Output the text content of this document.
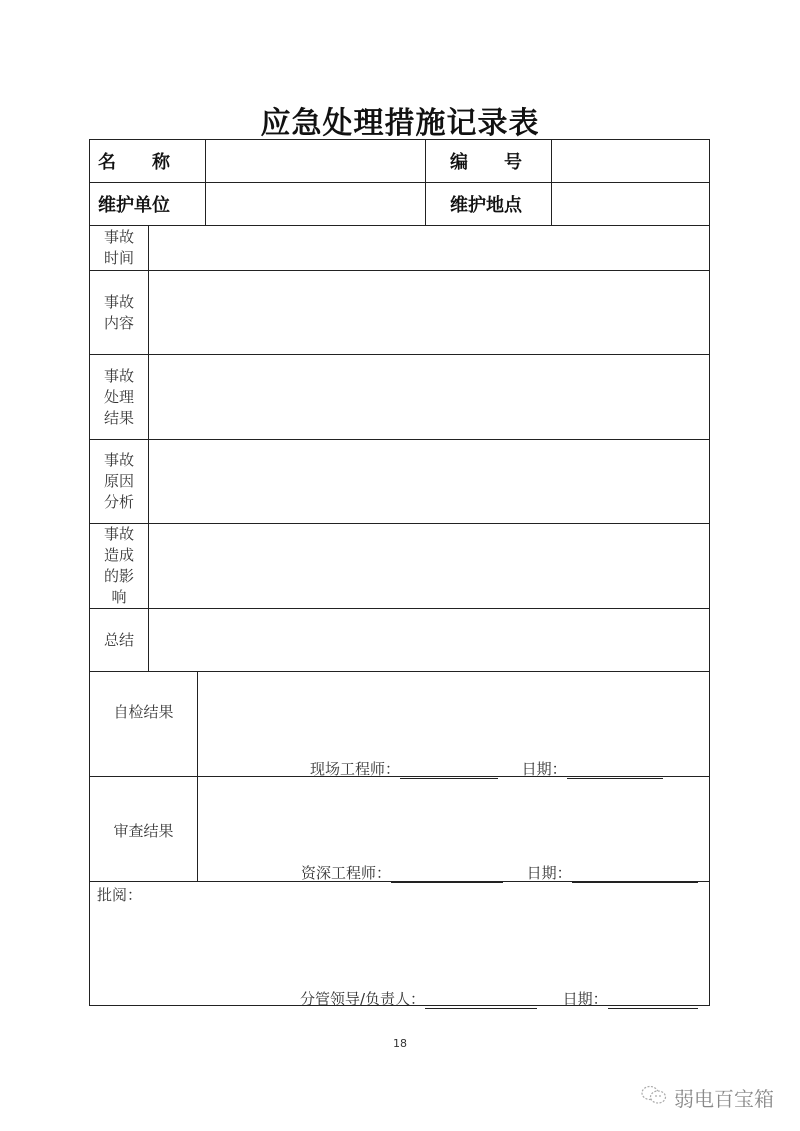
应急处理措施记录表
名　　称	编　　号
维护单位	维护地点
事故
时间
事故
内容
事故
处理
结果
事故
原因
分析
事故
造成
的影
响
总结
自检结果
现场工程师：	日期：
审查结果
资深工程师：	日期：
批阅：
分管领导/负责人：	日期：
18
弱电百宝箱
